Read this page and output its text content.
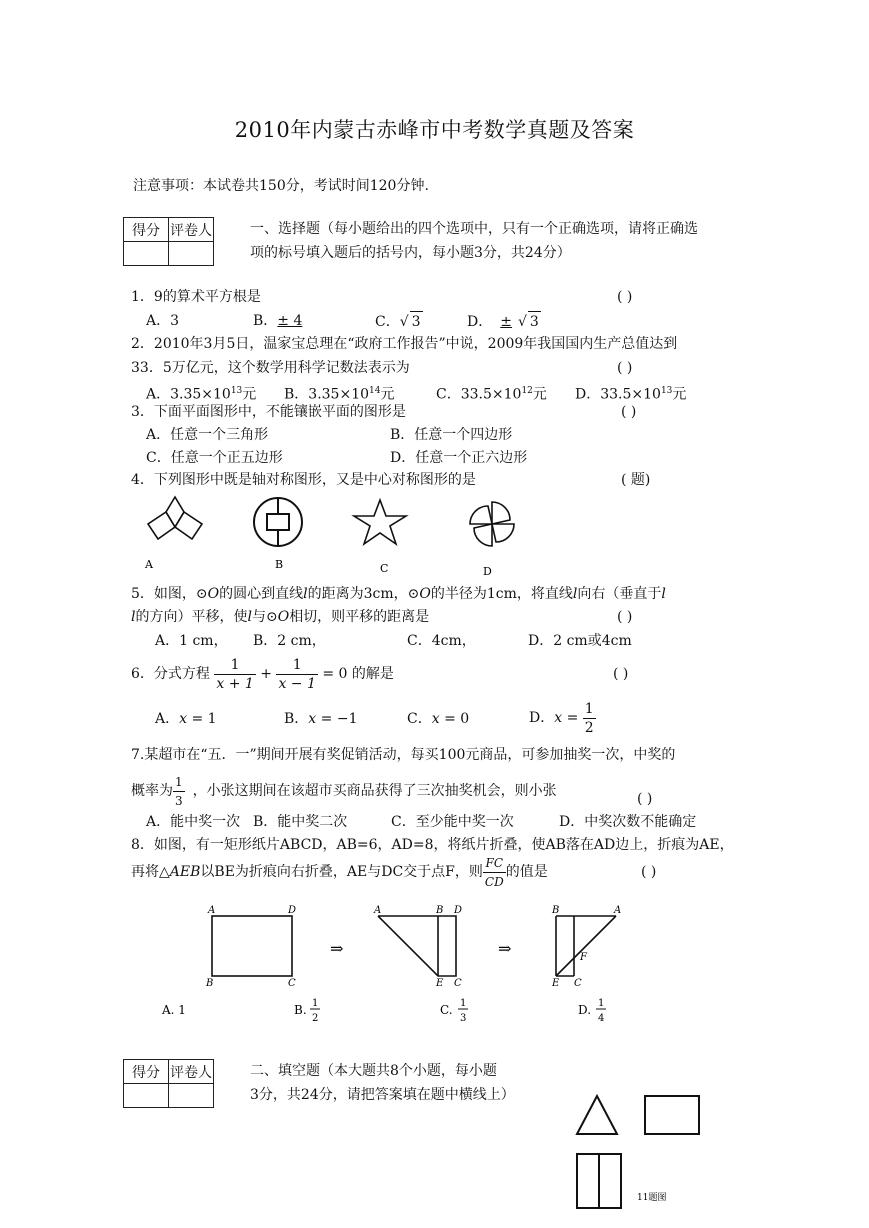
2010年内蒙古赤峰市中考数学真题及答案
注意事项：本试卷共150分，考试时间120分钟.
得分	评卷人
		一、选择题（每小题给出的四个选项中，只有一个正确选项，请将正确选
项的标号填入题后的括号内，每小题3分，共24分）
1．9的算术平方根是	( )
A．3	B．± 4	C．√ 3	D． ± √ 3
2．2010年3月5日，温家宝总理在“政府工作报告”中说，2009年我国国内生产总值达到
33．5万亿元，这个数学用科学记数法表示为	( )
A．$3.35\times 10^{13}$元 B．$3.35\times 10^{14}$元	C．$33.5\times 10^{12}$元 D．$33.5\times 10^{13}$元
3．下面平面图形中，不能镶嵌平面的图形是	( )
A．任意一个三角形	B．任意一个四边形
C．任意一个正五边形	D．任意一个正六边形
4．下列图形中既是轴对称图形，又是中心对称图形的是	( 题)
A	B	C	D
5．如图，⊙O的圆心到直线l的距离为3cm，⊙O的半径为1cm，将直线l向右（垂直于l
l的方向）平移，使l与⊙O相切，则平移的距离是	( )
A．1 cm， B．2 cm，	C．4cm，	D．2 cm或4cm
6．分式方程 $\frac{1}{x + 1} + \frac{1}{x - 1} = 0$ 的解是	( )
A．x = 1	B．x = −1	C．x = 0	D．$x = \frac{1}{2}$
7.某超市在“五．一”期间开展有奖促销活动，每买100元商品，可参加抽奖一次，中奖的
概率为 $\frac{1}{3}$ ，小张这期间在该超市买商品获得了三次抽奖机会，则小张	( )
A．能中奖一次 B．能中奖二次	C．至少能中奖一次	D．中奖次数不能确定
8．如图，有一矩形纸片ABCD，AB=6，AD=8，将纸片折叠，使AB落在AD边上，折痕为AE，
再将△AEB以BE为折痕向右折叠，AE与DC交于点F，则 $\frac{FC}{CD}$ 的值是	( )
A	D
B	C
⇒
A	B D
E C
⇒
B	A
F
E C
A. 1	B. 1
2
C. 1
3
D. 1
4
得分	评卷人
		二、填空题（本大题共8个小题，每小题
3分，共24分，请把答案填在题中横线上）
11题图
